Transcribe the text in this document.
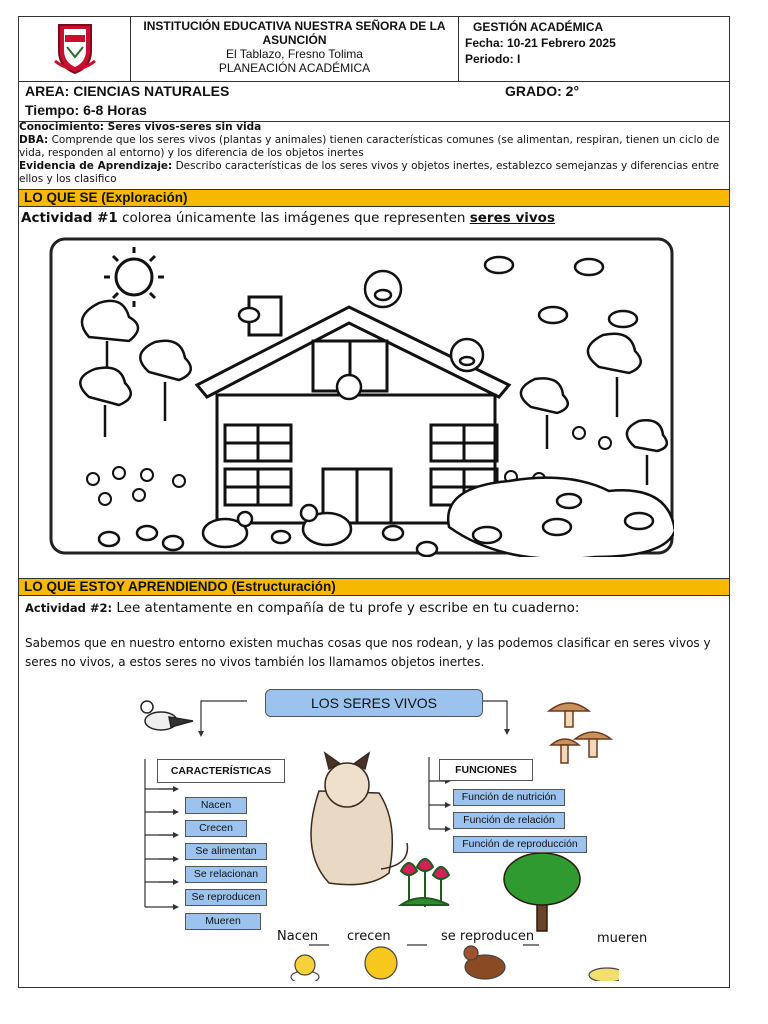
INSTITUCIÓN EDUCATIVA NUESTRA SEÑORA DE LA
ASUNCIÓN
El Tablazo, Fresno Tolima
PLANEACIÓN ACADÉMICA
GESTIÓN ACADÉMICA
Fecha: 10-21 Febrero 2025
Periodo: I
AREA: CIENCIAS NATURALES	GRADO: 2°
Tiempo: 6-8 Horas
Conocimiento: Seres vivos-seres sin vida
DBA: Comprende que los seres vivos (plantas y animales) tienen características comunes (se alimentan, respiran, tienen un ciclo de vida, responden al entorno) y los diferencia de los objetos inertes
Evidencia de Aprendizaje: Describo características de los seres vivos y objetos inertes, establezco semejanzas y diferencias entre ellos y los clasifico
LO QUE SE (Exploración)
Actividad #1 colorea únicamente las imágenes que representen seres vivos
LO QUE ESTOY APRENDIENDO (Estructuración)
Actividad #2: Lee atentamente en compañía de tu profe y escribe en tu cuaderno:
Sabemos que en nuestro entorno existen muchas cosas que nos rodean, y las podemos clasificar en seres vivos y seres no vivos, a estos seres no vivos también los llamamos objetos inertes.
LOS SERES VIVOS
CARACTERÍSTICAS	FUNCIONES
Nacen
Crecen
Se alimentan
Se relacionan
Se reproducen
Mueren
Función de nutrición
Función de relación
Función de reproducción
Nacen crecen	se reproducen	mueren
